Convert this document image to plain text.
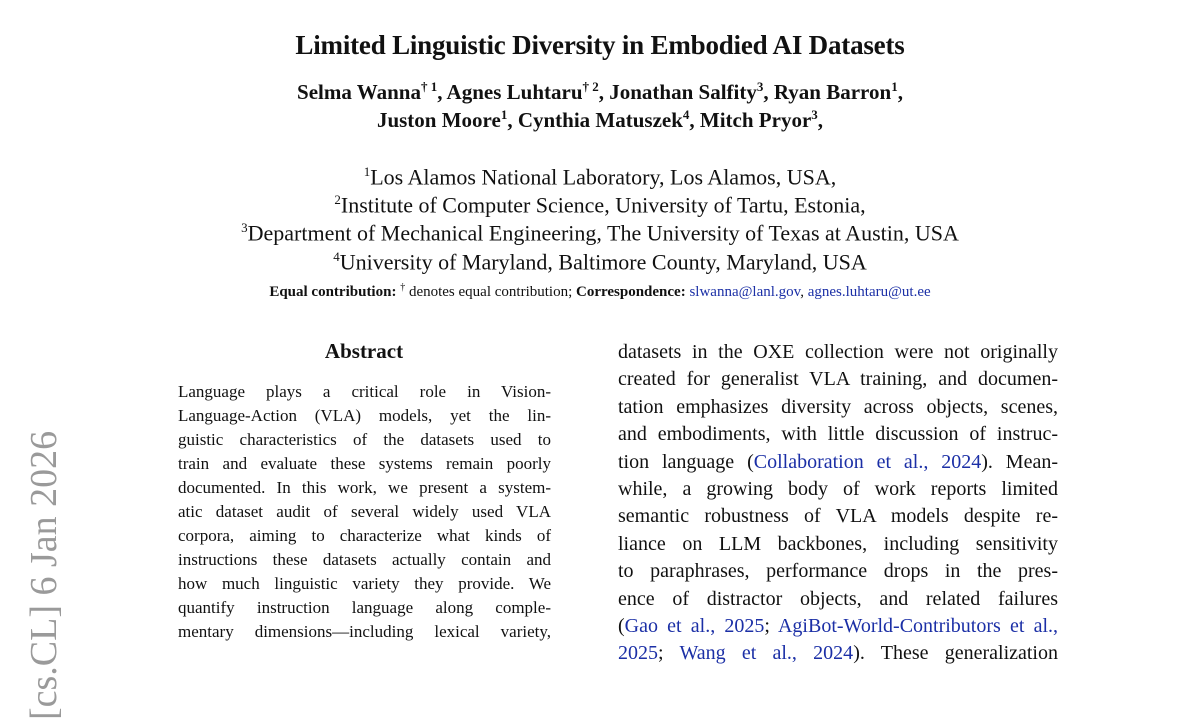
Limited Linguistic Diversity in Embodied AI Datasets
Selma Wanna$^{\dagger 1}$, Agnes Luhtaru$^{\dagger 2}$, Jonathan Salfity$^3$, Ryan Barron$^1$,
Juston Moore$^1$, Cynthia Matuszek$^4$, Mitch Pryor$^3$,
$^1$Los Alamos National Laboratory, Los Alamos, USA,
$^2$Institute of Computer Science, University of Tartu, Estonia,
$^3$Department of Mechanical Engineering, The University of Texas at Austin, USA
$^4$University of Maryland, Baltimore County, Maryland, USA
Equal contribution: † denotes equal contribution; Correspondence: slwanna@lanl.gov, agnes.luhtaru@ut.ee
Abstract
Language plays a critical role in Vision-
Language-Action (VLA) models, yet the lin-
guistic characteristics of the datasets used to
train and evaluate these systems remain poorly
documented. In this work, we present a system-
atic dataset audit of several widely used VLA
corpora, aiming to characterize what kinds of
instructions these datasets actually contain and
how much linguistic variety they provide. We
quantify instruction language along comple-
mentary dimensions—including lexical variety,
datasets in the OXE collection were not originally
created for generalist VLA training, and documen-
tation emphasizes diversity across objects, scenes,
and embodiments, with little discussion of instruc-
tion language (Collaboration et al., 2024). Mean-
while, a growing body of work reports limited
semantic robustness of VLA models despite re-
liance on LLM backbones, including sensitivity
to paraphrases, performance drops in the pres-
ence of distractor objects, and related failures
(Gao et al., 2025; AgiBot-World-Contributors et al.,
2025; Wang et al., 2024). These generalization
[cs.CL] 6 Jan 2026
